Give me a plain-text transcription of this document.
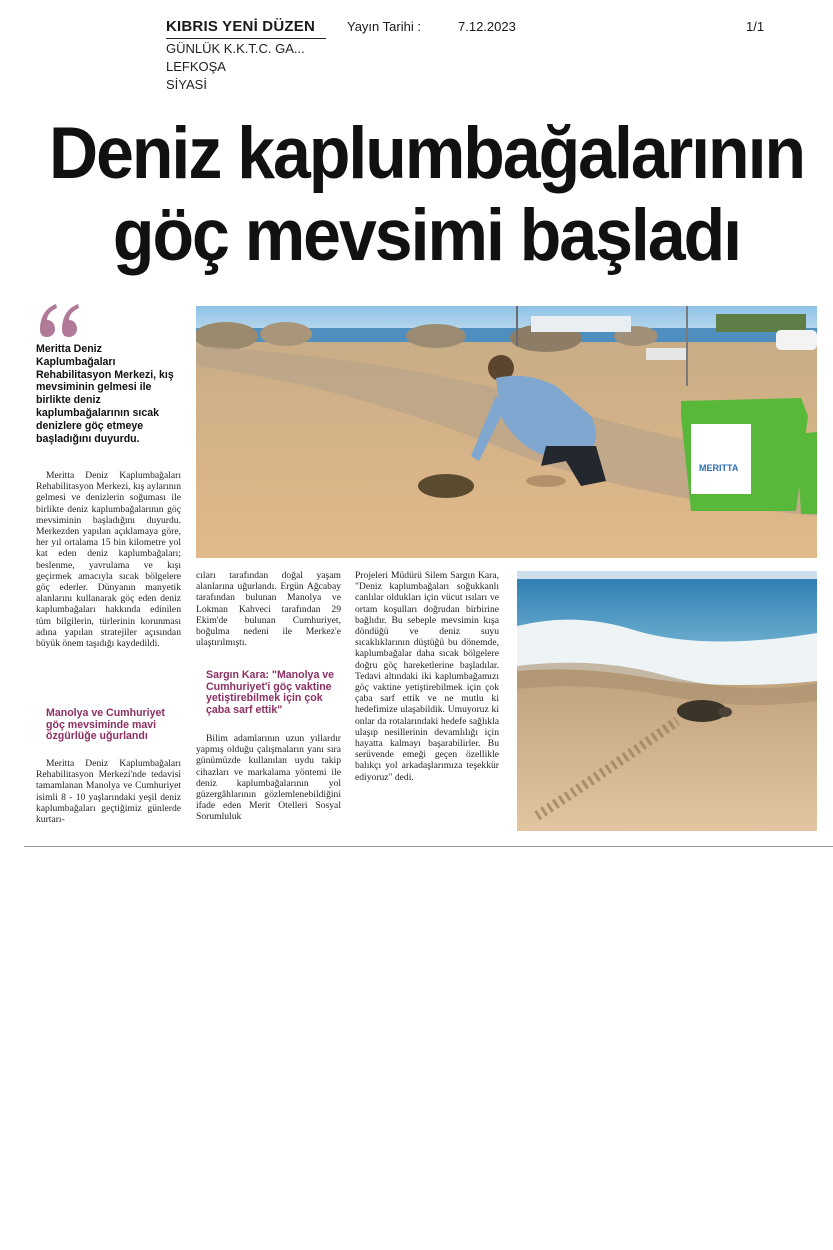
KIBRIS YENİ DÜZEN
GÜNLÜK K.K.T.C. GA...
LEFKOŞA
SİYASİ
Yayın Tarihi :	7.12.2023	1/1
Deniz kaplumbağalarının
göç mevsimi başladı
Meritta Deniz Kaplumbağaları Rehabilitasyon Merkezi, kış mevsiminin gelmesi ile birlikte deniz kaplumbağalarının sıcak denizlere göç etmeye başladığını duyurdu.

Meritta Deniz Kaplumbağaları Rehabilitasyon Merkezi, kış aylarının gelmesi ve denizlerin soğuması ile birlikte deniz kaplumbağalarının göç mevsiminin başladığını duyurdu. Merkezden yapılan açıklamaya göre, her yıl ortalama 15 bin kilometre yol kat eden deniz kaplumbağaları; beslenme, yavrulama ve kışı geçirmek amacıyla sıcak bölgelere göç ederler. Dünyanın manyetik alanlarını kullanarak göç eden deniz kaplumbağaları hakkında edinilen tüm bilgilerin, türlerinin korunması adına yapılan stratejiler açısından büyük önem taşıdığı kaydedildi.

Manolya ve Cumhuriyet göç mevsiminde mavi özgürlüğe uğurlandı

Meritta Deniz Kaplumbağaları Rehabilitasyon Merkezi'nde tedavisi tamamlanan Manolya ve Cumhuriyet isimli 8 - 10 yaşlarındaki yeşil deniz kaplumbağaları geçtiğimiz günlerde kurtarı-

cıları tarafından doğal yaşam alanlarına uğurlandı. Ergün Ağcabay tarafından bulunan Manolya ve Lokman Kahveci tarafından 29 Ekim'de bulunan Cumhuriyet, boğulma nedeni ile Merkez'e ulaştırılmıştı.

Sargın Kara: "Manolya ve Cumhuriyet'i göç vaktine yetiştirebilmek için çok çaba sarf ettik"

Bilim adamlarının uzun yıllardır yapmış olduğu çalışmaların yanı sıra günümüzde kullanılan uydu takip cihazları ve markalama yöntemi ile deniz kaplumbağalarının yol güzergâhlarının gözlemlenebildiğini ifade eden Merit Otelleri Sosyal Sorumluluk

Projeleri Müdürü Silem Sargın Kara, "Deniz kaplumbağaları soğukkanlı canlılar oldukları için vücut ısıları ve ortam koşulları doğrudan birbirine bağlıdır. Bu sebeple mevsimin kışa döndüğü ve deniz suyu sıcaklıklarının düştüğü bu dönemde, kaplumbağalar daha sıcak bölgelere doğru göç hareketlerine başladılar. Tedavi altındaki iki kaplumbağamızı göç vaktine yetiştirebilmek için çok çaba sarf ettik ve ne mutlu ki hedefimize ulaşabildik. Umuyoruz ki onlar da rotalarındaki hedefe sağlıkla ulaşıp nesillerinin devamlılığı için hayatta kalmayı başarabilirler. Bu serüvende emeği geçen özellikle balıkçı yol arkadaşlarımıza teşekkür ediyoruz" dedi.

MERITTA
